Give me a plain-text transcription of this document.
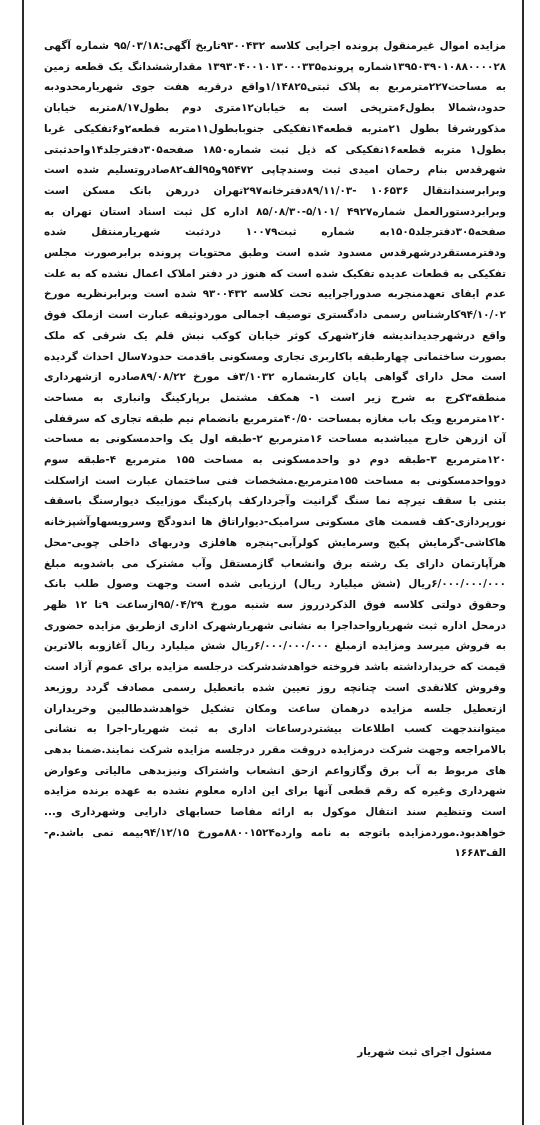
مزایده اموال غیرمنقول پرونده اجرایی کلاسه ۹۳۰۰۴۳۲تاریخ آگهی:۹۵/۰۳/۱۸ شماره آگهی ۱۳۹۵۰۳۹۰۱۰۸۸۰۰۰۰۲۸شماره پرونده۱۳۹۳۰۴۰۰۱۰۱۳۰۰۰۳۳۵ مقدارششدانگ یک قطعه زمین به مساحت۲۲۷مترمربع به پلاک ثبتی۱/۱۴۸۲۵واقع درقریه هفت جوی شهریارمحدودبه حدود،شمالا بطول۶مترپخی است به خیابان۱۲متری دوم بطول۸/۱۷متربه خیابان مذکورشرقا بطول ۲۱متربه قطعه۱۴تفکیکی جنوبابطول۱۱متربه قطعه۲و۶تفکیکی غربا بطول۱ متربه قطعه۱۶تفکیکی که ذیل ثبت شماره۱۸۵۰ صفحه۳۰۵دفترجلد۱۴واحدثبتی شهرقدس بنام رحمان امیدی ثبت وسندچاپی ۹۵۴۷۲و۹۵الف۸۲صادروتسلیم شده است وبرابرسندانتقال ۱۰۶۵۳۶ -۸۹/۱۱/۰۳دفترخانه۲۹۷تهران دررهن بانک مسکن است وبرابردستورالعمل شماره۴۹۲۷ /۵/۱۰۱-۸۵/۰۸/۳۰ اداره کل ثبت اسناد استان تهران به صفحه۳۰۵دفترجلد۱۵۰۵به شماره ثبت۱۰۰۷۹ دردثبت شهریارمنتقل شده ودفترمستقردرشهرقدس مسدود شده است وطبق محتویات پرونده برابرصورت مجلس تفکیکی به قطعات عدیده تفکیک شده است که هنوز در دفتر املاک اعمال نشده که به علت عدم ایفای تعهدمنجربه صدوراجراییه تحت کلاسه ۹۳۰۰۴۳۲ شده است وبرابرنظریه مورخ ۹۴/۱۰/۰۲کارشناس رسمی دادگستری توصیف اجمالی موردوثیقه عبارت است ازملک فوق واقع درشهرجدیداندیشه فاز۲شهرک کوثر خیابان کوکب نبش قلم یک شرقی که ملک بصورت ساختمانی چهارطبقه باکاربری تجاری ومسکونی باقدمت حدود۷سال احداث گردیده است محل دارای گواهی پایان کاربشماره ۳/۱۰۳۲ف مورخ ۸۹/۰۸/۲۲صادره ازشهرداری منطقه۳کرج به شرح زیر است ۱- همکف مشتمل برپارکینگ وانباری به مساحت ۱۲۰مترمربع ویک باب مغازه بمساحت ۴۰/۵۰مترمربع بانضمام نیم طبقه تجاری که سرقفلی آن ازرهن خارج میباشدبه مساحت ۱۶مترمربع ۲-طبقه اول یک واحدمسکونی به مساحت ۱۲۰مترمربع ۳-طبقه دوم دو واحدمسکونی به مساحت ۱۵۵ مترمربع ۴-طبقه سوم دوواحدمسکونی به مساحت ۱۵۵مترمربع.مشخصات فنی ساختمان عبارت است ازاسکلت بتنی با سقف تیرچه نما سنگ گرانیت وآجردارکف پارکینگ موزاییک دیوارسنگ باسقف نورپردازی-کف قسمت های مسکونی سرامیک-دیواراتاق ها اندودگچ وسرویسهاوآشپزخانه هاکاشی-گرمایش پکیج وسرمایش کولرآبی-پنجره هافلزی ودربهای داخلی چوبی-محل هرآپارتمان دارای یک رشته برق وانشعاب گازمستقل وآب مشترک می باشدوبه مبلغ ۶/۰۰۰/۰۰۰/۰۰۰ریال (شش میلیارد ریال) ارزیابی شده است وجهت وصول طلب بانک وحقوق دولتی کلاسه فوق الذکردرروز سه شنبه مورخ ۹۵/۰۴/۲۹ازساعت ۹تا ۱۲ ظهر درمحل اداره ثبت شهریارواحداجرا به نشانی شهریارشهرک اداری ازطریق مزایده حضوری به فروش میرسد ومزایده ازمبلغ ۶/۰۰۰/۰۰۰/۰۰۰ریال شش میلیارد ریال آغازوبه بالاترین قیمت که خریدارداشته باشد فروخته خواهدشدشرکت درجلسه مزایده برای عموم آزاد است وفروش کلانقدی است چنانچه روز تعیین شده باتعطیل رسمی مصادف گردد روزبعد ازتعطیل جلسه مزایده درهمان ساعت ومکان تشکیل خواهدشدطالبین وخریداران میتوانندجهت کسب اطلاعات بیشتردرساعات اداری به ثبت شهریار-اجرا به نشانی بالامراجعه وجهت شرکت درمزایده دروقت مقرر درجلسه مزایده شرکت نمایند.ضمنا بدهی های مربوط به آب برق وگازواعم ازحق انشعاب واشتراک ونیزبدهی مالیاتی وعوارض شهرداری وغیره که رقم قطعی آنها برای این اداره معلوم نشده به عهده برنده مزایده است وتنظیم سند انتقال موکول به ارائه مفاصا حسابهای دارایی وشهرداری و... خواهدبود.موردمزایده باتوجه به نامه وارده۸۸۰۰۱۵۲۴مورخ ۹۴/۱۲/۱۵بیمه نمی باشد.م-الف۱۶۶۸۳

مسئول اجرای ثبت شهریار
